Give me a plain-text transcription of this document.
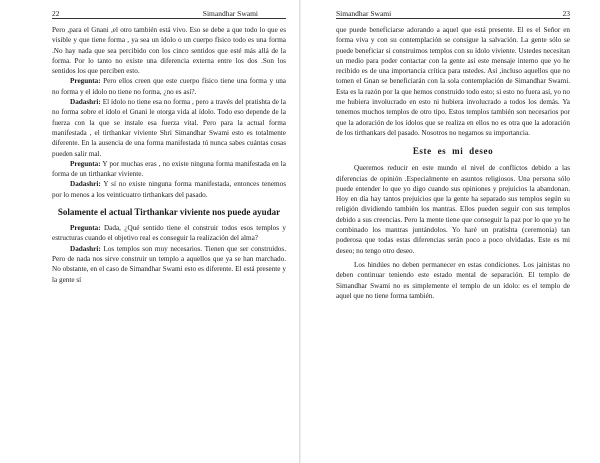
22	Simandhar Swami

Pero ,para el Gnani ,el otro también está vivo. Eso se debe a que todo lo que es visible y que tiene forma , ya sea un ídolo o un cuerpo físico todo es una forma .No hay nada que sea percibido con los cinco sentidos que esté más allá de la forma. Por lo tanto no existe una diferencia externa entre los dos .Son los sentidos los que perciben esto.

Pregunta: Pero ellos creen que este cuerpo físico tiene una forma y una no forma y el ídolo no tiene no forma, ¿no es así?.

Dadashri: El ídolo no tiene esa no forma , pero a través del pratishta de la no forma sobre el ídolo el Gnani le otorga vida al ídolo. Todo eso depende de la fuerza con la que se instale esa fuerza vital. Pero para la actual forma manifestada , el tirthankar viviente Shri Simandhar Swami esto es totalmente diferente. En la ausencia de una forma manifestada tú nunca sabes cuántas cosas pueden salir mal.

Pregunta: Y por muchas eras , no existe ninguna forma manifestada en la forma de un tirthankar viviente.

Dadashri: Y sí no existe ninguna forma manifestada, entonces tenemos por lo menos a los veinticuatro tirthankars del pasado.

Solamente el actual Tirthankar viviente nos puede ayudar

Pregunta: Dada, ¿Qué sentido tiene el construir todos esos templos y estructuras cuando el objetivo real es conseguir la realización del alma?

Dadashri: Los templos son muy necesarios. Tienen que ser construidos. Pero de nada nos sirve construir un templo a aquellos que ya se han marchado. No obstante, en el caso de Simandhar Swami esto es diferente. El está presente y la gente sí

Simandhar Swami	23

que puede beneficiarse adorando a aquel que está presente. El es el Señor en forma viva y con su contemplación se consigue la salvación. La gente sólo se puede beneficiar si construimos templos con su ídolo viviente. Ustedes necesitan un medio para poder contactar con la gente así este mensaje interno que yo he recibido es de una importancia crítica para ustedes. Así ,incluso aquellos que no tomen el Gnan se beneficiarán con la sola contemplación de Simandhar Swami. Esta es la razón por la que hemos construido todo esto; si esto no fuera así, yo no me hubiera involucrado en esto ni hubiera involucrado a todos los demás. Ya tenemos muchos templos de otro tipo. Estos templos también son necesarios por que la adoración de los ídolos que se realiza en ellos no es otra que la adoración de los tirthankars del pasado. Nosotros no negamos su importancia.

Este es mi deseo

Queremos reducir en este mundo el nivel de conflictos debido a las diferencias de opinión .Especialmente en asuntos religiosos. Una persona sólo puede entender lo que yo digo cuando sus opiniones y prejuicios la abandonan. Hoy en día hay tantos prejuicios que la gente ha separado sus templos según su religión dividiendo también los mantras. Ellos pueden seguir con sus templos debido a sus creencias. Pero la mente tiene que conseguir la paz por lo que yo he combinado los mantras juntándolos. Yo haré un pratishta (ceremonia) tan poderosa que todas estas diferencias serán poco a poco olvidadas. Este es mi deseo; no tengo otro deseo.

Los hindúes no deben permanecer en estas condiciones. Los jainistas no deben continuar teniendo este estado mental de separación. El templo de Simandhar Swami no es simplemente el templo de un ídolo: es el templo de aquel que no tiene forma también.
